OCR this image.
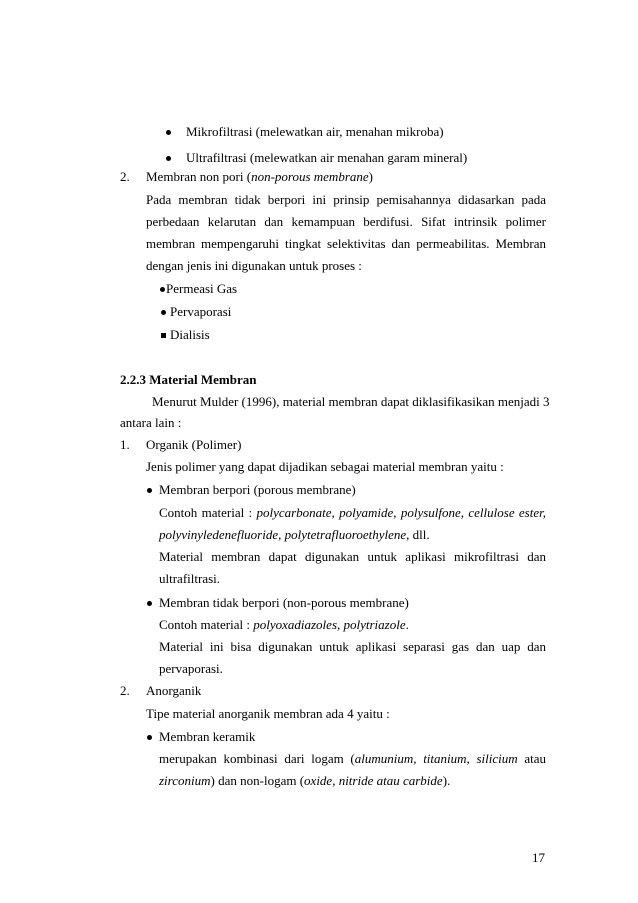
Mikrofiltrasi (melewatkan air, menahan mikroba)
Ultrafiltrasi (melewatkan air menahan garam mineral)
2. Membran non pori (non-porous membrane)
Pada membran tidak berpori ini prinsip pemisahannya didasarkan pada
perbedaan kelarutan dan kemampuan berdifusi. Sifat intrinsik polimer
membran mempengaruhi tingkat selektivitas dan permeabilitas. Membran
dengan jenis ini digunakan untuk proses :
Permeasi Gas
Pervaporasi
Dialisis
2.2.3 Material Membran
Menurut Mulder (1996), material membran dapat diklasifikasikan menjadi 3
antara lain :
1. Organik (Polimer)
Jenis polimer yang dapat dijadikan sebagai material membran yaitu :
Membran berpori (porous membrane)
Contoh material : polycarbonate, polyamide, polysulfone, cellulose ester,
polyvinyledenefluoride, polytetrafluoroethylene, dll.
Material membran dapat digunakan untuk aplikasi mikrofiltrasi dan
ultrafiltrasi.
Membran tidak berpori (non-porous membrane)
Contoh material : polyoxadiazoles, polytriazole.
Material ini bisa digunakan untuk aplikasi separasi gas dan uap dan
pervaporasi.
2. Anorganik
Tipe material anorganik membran ada 4 yaitu :
Membran keramik
merupakan kombinasi dari logam (alumunium, titanium, silicium atau
zirconium) dan non-logam (oxide, nitride atau carbide).
17
